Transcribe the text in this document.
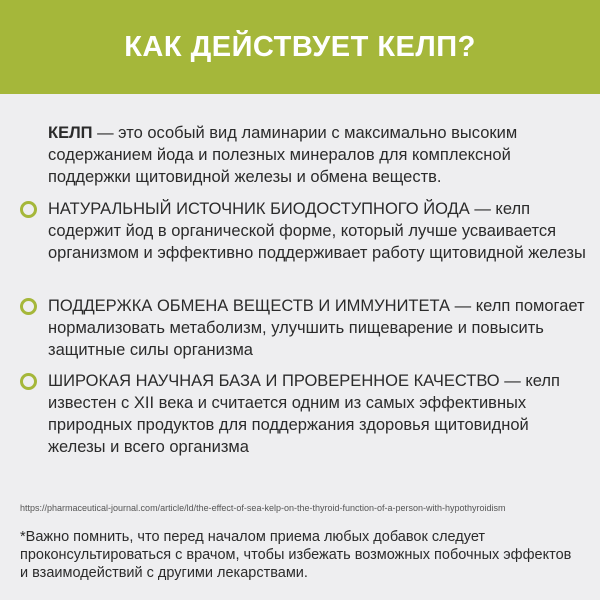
КАК ДЕЙСТВУЕТ КЕЛП?
КЕЛП — это особый вид ламинарии с максимально высоким содержанием йода и полезных минералов для комплексной поддержки щитовидной железы и обмена веществ.
НАТУРАЛЬНЫЙ ИСТОЧНИК БИОДОСТУПНОГО ЙОДА — келп содержит йод в органической форме, который лучше усваивается организмом и эффективно поддерживает работу щитовидной железы
ПОДДЕРЖКА ОБМЕНА ВЕЩЕСТВ И ИММУНИТЕТА — келп помогает нормализовать метаболизм, улучшить пищеварение и повысить защитные силы организма
ШИРОКАЯ НАУЧНАЯ БАЗА И ПРОВЕРЕННОЕ КАЧЕСТВО — келп известен с XII века и считается одним из самых эффективных природных продуктов для поддержания здоровья щитовидной железы и всего организма
https://pharmaceutical-journal.com/article/ld/the-effect-of-sea-kelp-on-the-thyroid-function-of-a-person-with-hypothyroidism
*Важно помнить, что перед началом приема любых добавок следует проконсультироваться с врачом, чтобы избежать возможных побочных эффектов и взаимодействий с другими лекарствами.
